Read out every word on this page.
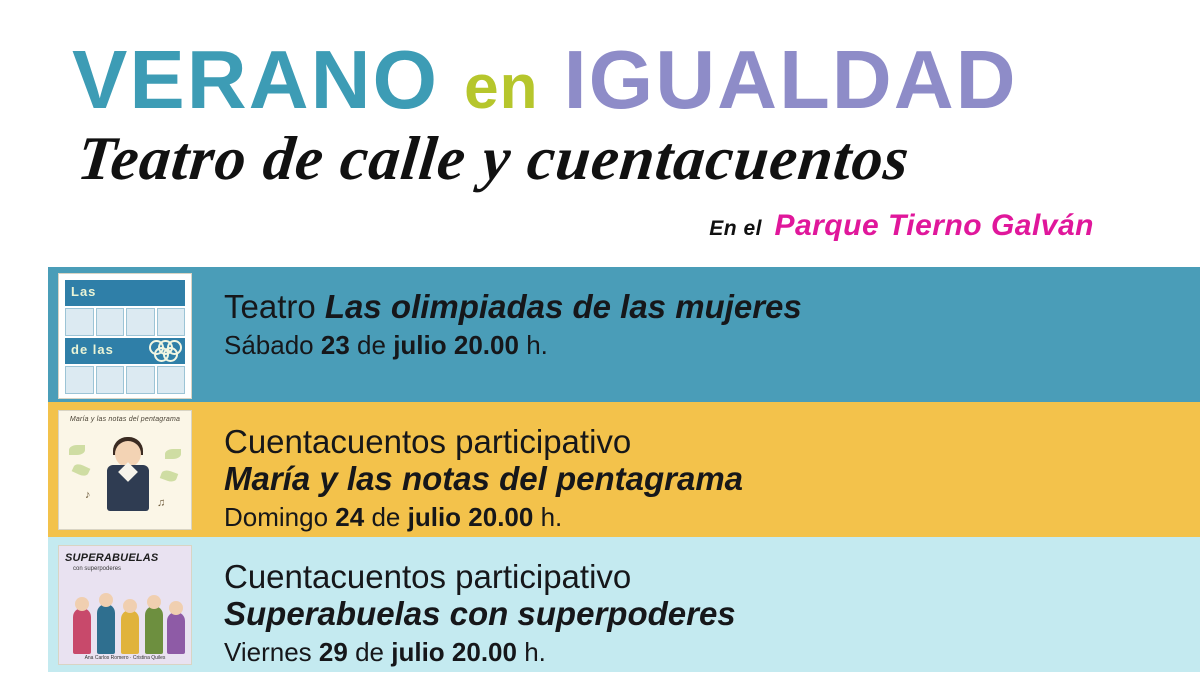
VERANO en IGUALDAD
Teatro de calle y cuentacuentos
En el Parque Tierno Galván
Las
de las
Teatro Las olimpiadas de las mujeres
Sábado 23 de julio 20.00 h.
María y las notas del pentagrama
♪
♫
Cuentacuentos participativo
María y las notas del pentagrama
Domingo 24 de julio 20.00 h.
SUPERABUELAS
con superpoderes
Ana Carlos Romero · Cristina Quiles
Cuentacuentos participativo
Superabuelas con superpoderes
Viernes 29 de julio 20.00 h.
